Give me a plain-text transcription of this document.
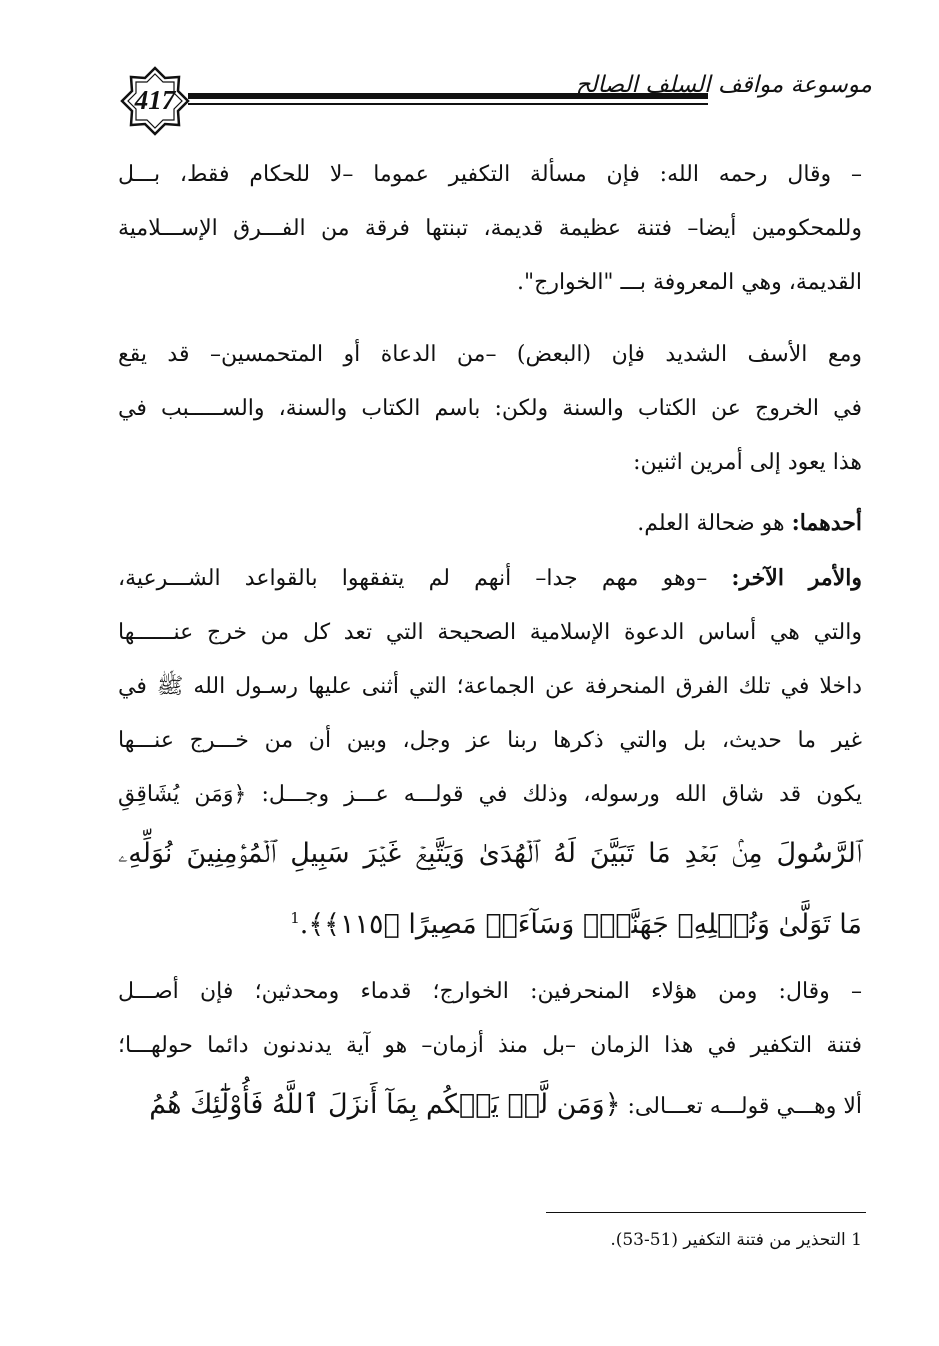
417	موسوعة مواقف السلف الصالح
– وقال رحمه الله: فإن مسألة التكفير عموما –لا للحكام فقط، بـــل
وللمحكومين أيضا– فتنة عظيمة قديمة، تبنتها فرقة من الفـــرق الإســـلامية
القديمة، وهي المعروفة بـــ "الخوارج".
ومع الأسف الشديد فإن (البعض) –من الدعاة أو المتحمسين– قد يقع
في الخروج عن الكتاب والسنة ولكن: باسم الكتاب والسنة، والســـــبب في
هذا يعود إلى أمرين اثنين:
أحدهما: هو ضحالة العلم.
والأمر الآخر: –وهو مهم جدا– أنهم لم يتفقهوا بالقواعد الشـــرعية،
والتي هي أساس الدعوة الإسلامية الصحيحة التي تعد كل من خرج عنــــــها
داخلا في تلك الفرق المنحرفة عن الجماعة؛ التي أثنى عليها رسـول الله ﷺ في
غير ما حديث، بل والتي ذكرها ربنا عز وجل، وبين أن من خـــرج عنـــها
يكون قد شاق الله ورسوله، وذلك في قولـــه عـــز وجـــل: ﴿وَمَن يُشَاقِقِ
ٱلرَّسُولَ مِنۢ بَعۡدِ مَا تَبَيَّنَ لَهُ ٱلۡهُدَىٰ وَيَتَّبِعۡ غَيۡرَ سَبِيلِ ٱلۡمُؤۡمِنِينَ نُوَلِّهِۦ
مَا تَوَلَّىٰ وَنُصۡلِهِۦ جَهَنَّمَۖ وَسَآءَتۡ مَصِيرًا ﴿١١٥﴾﴾.$^1$
– وقال: ومن هؤلاء المنحرفين: الخوارج؛ قدماء ومحدثين؛ فإن أصـــل
فتنة التكفير في هذا الزمان –بل منذ أزمان– هو آية يدندنون دائما حولهـــا؛
ألا وهـــي قولـــه تعـــالى: ﴿وَمَن لَّمۡ يَحۡكُم بِمَآ أَنزَلَ ٱللَّهُ فَأُوْلَٰٓئِكَ هُمُ
1 التحذير من فتنة التكفير (51-53).
